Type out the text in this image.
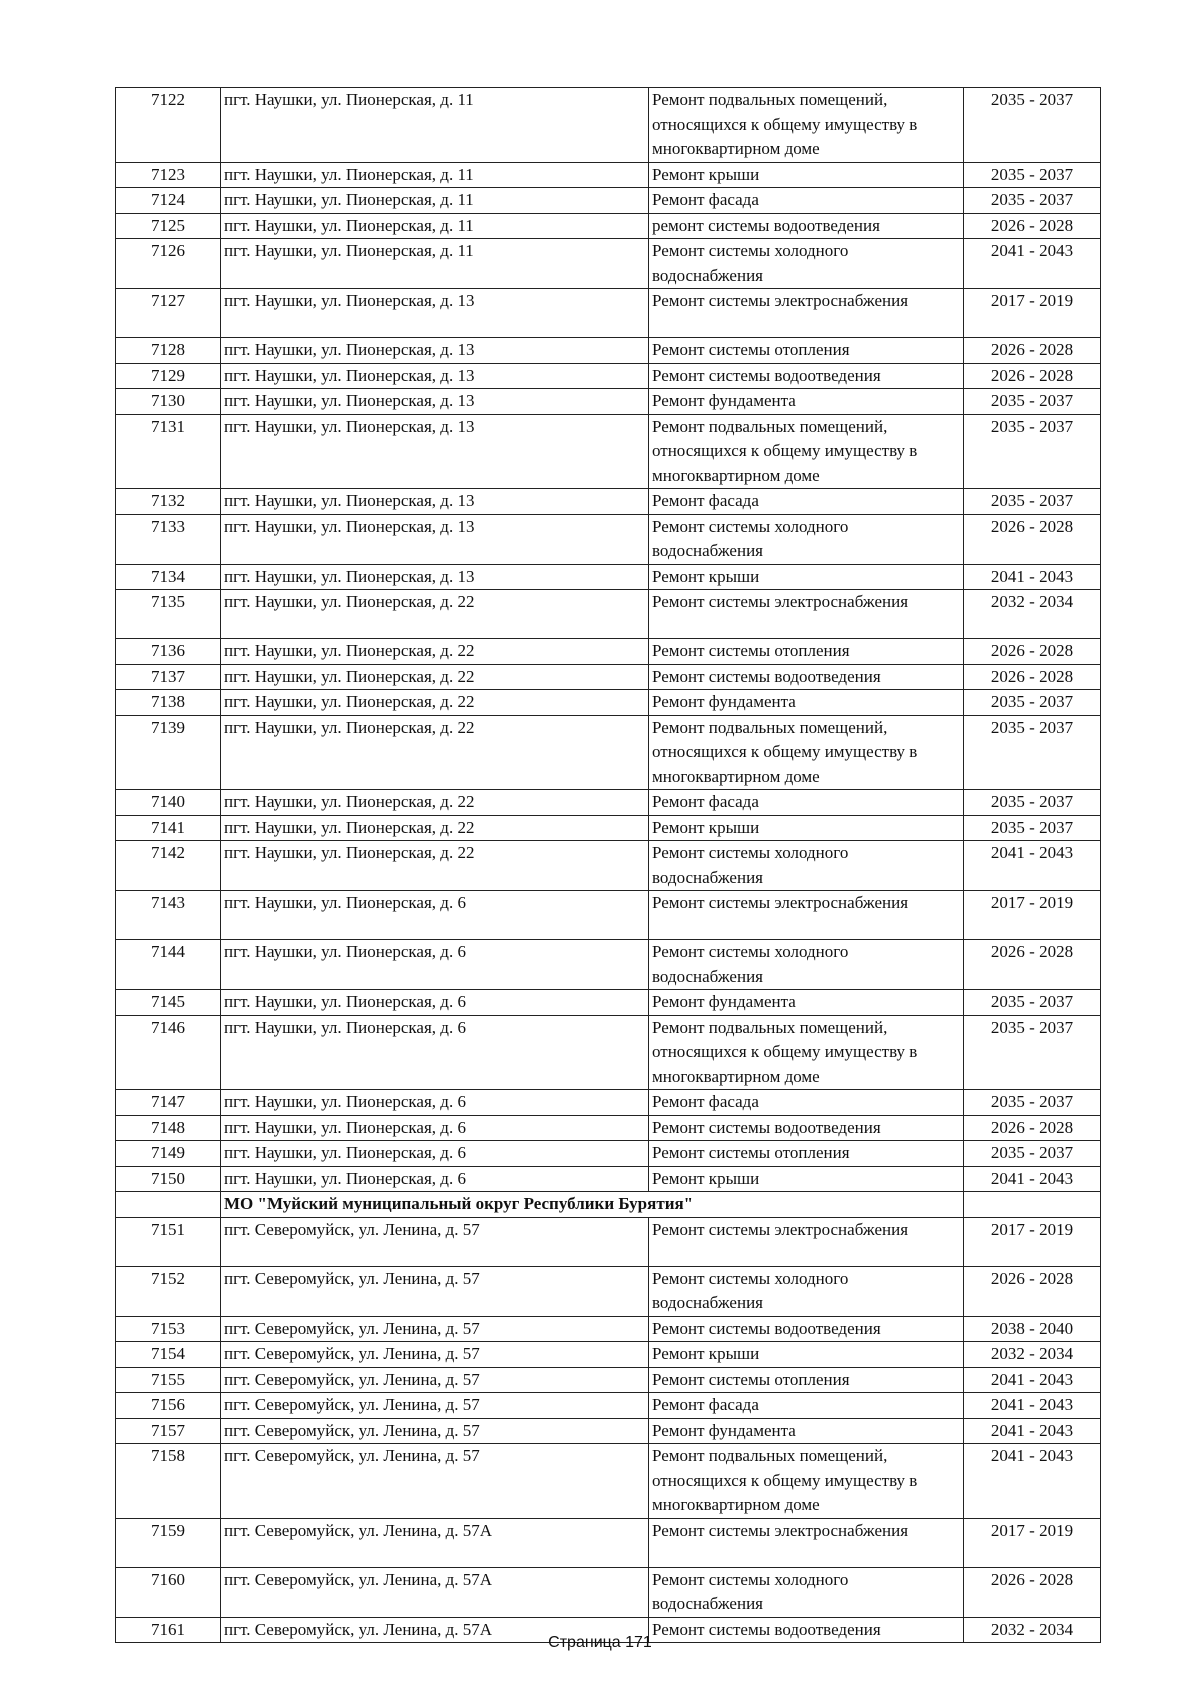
7122	пгт. Наушки, ул. Пионерская, д. 11	Ремонт подвальных помещений, относящихся к общему имуществу в многоквартирном доме	2035 - 2037
7123	пгт. Наушки, ул. Пионерская, д. 11	Ремонт крыши	2035 - 2037
7124	пгт. Наушки, ул. Пионерская, д. 11	Ремонт фасада	2035 - 2037
7125	пгт. Наушки, ул. Пионерская, д. 11	ремонт системы водоотведения	2026 - 2028
7126	пгт. Наушки, ул. Пионерская, д. 11	Ремонт системы холодного водоснабжения	2041 - 2043
7127	пгт. Наушки, ул. Пионерская, д. 13	Ремонт системы электроснабжения	2017 - 2019
7128	пгт. Наушки, ул. Пионерская, д. 13	Ремонт системы отопления	2026 - 2028
7129	пгт. Наушки, ул. Пионерская, д. 13	Ремонт системы водоотведения	2026 - 2028
7130	пгт. Наушки, ул. Пионерская, д. 13	Ремонт фундамента	2035 - 2037
7131	пгт. Наушки, ул. Пионерская, д. 13	Ремонт подвальных помещений, относящихся к общему имуществу в многоквартирном доме	2035 - 2037
7132	пгт. Наушки, ул. Пионерская, д. 13	Ремонт фасада	2035 - 2037
7133	пгт. Наушки, ул. Пионерская, д. 13	Ремонт системы холодного водоснабжения	2026 - 2028
7134	пгт. Наушки, ул. Пионерская, д. 13	Ремонт крыши	2041 - 2043
7135	пгт. Наушки, ул. Пионерская, д. 22	Ремонт системы электроснабжения	2032 - 2034
7136	пгт. Наушки, ул. Пионерская, д. 22	Ремонт системы отопления	2026 - 2028
7137	пгт. Наушки, ул. Пионерская, д. 22	Ремонт системы водоотведения	2026 - 2028
7138	пгт. Наушки, ул. Пионерская, д. 22	Ремонт фундамента	2035 - 2037
7139	пгт. Наушки, ул. Пионерская, д. 22	Ремонт подвальных помещений, относящихся к общему имуществу в многоквартирном доме	2035 - 2037
7140	пгт. Наушки, ул. Пионерская, д. 22	Ремонт фасада	2035 - 2037
7141	пгт. Наушки, ул. Пионерская, д. 22	Ремонт крыши	2035 - 2037
7142	пгт. Наушки, ул. Пионерская, д. 22	Ремонт системы холодного водоснабжения	2041 - 2043
7143	пгт. Наушки, ул. Пионерская, д. 6	Ремонт системы электроснабжения	2017 - 2019
7144	пгт. Наушки, ул. Пионерская, д. 6	Ремонт системы холодного водоснабжения	2026 - 2028
7145	пгт. Наушки, ул. Пионерская, д. 6	Ремонт фундамента	2035 - 2037
7146	пгт. Наушки, ул. Пионерская, д. 6	Ремонт подвальных помещений, относящихся к общему имуществу в многоквартирном доме	2035 - 2037
7147	пгт. Наушки, ул. Пионерская, д. 6	Ремонт фасада	2035 - 2037
7148	пгт. Наушки, ул. Пионерская, д. 6	Ремонт системы водоотведения	2026 - 2028
7149	пгт. Наушки, ул. Пионерская, д. 6	Ремонт системы отопления	2035 - 2037
7150	пгт. Наушки, ул. Пионерская, д. 6	Ремонт крыши	2041 - 2043
	МО "Муйский муниципальный округ Республики Бурятия"		
7151	пгт. Северомуйск, ул. Ленина, д. 57	Ремонт системы электроснабжения	2017 - 2019
7152	пгт. Северомуйск, ул. Ленина, д. 57	Ремонт системы холодного водоснабжения	2026 - 2028
7153	пгт. Северомуйск, ул. Ленина, д. 57	Ремонт системы водоотведения	2038 - 2040
7154	пгт. Северомуйск, ул. Ленина, д. 57	Ремонт крыши	2032 - 2034
7155	пгт. Северомуйск, ул. Ленина, д. 57	Ремонт системы отопления	2041 - 2043
7156	пгт. Северомуйск, ул. Ленина, д. 57	Ремонт фасада	2041 - 2043
7157	пгт. Северомуйск, ул. Ленина, д. 57	Ремонт фундамента	2041 - 2043
7158	пгт. Северомуйск, ул. Ленина, д. 57	Ремонт подвальных помещений, относящихся к общему имуществу в многоквартирном доме	2041 - 2043
7159	пгт. Северомуйск, ул. Ленина, д. 57А	Ремонт системы электроснабжения	2017 - 2019
7160	пгт. Северомуйск, ул. Ленина, д. 57А	Ремонт системы холодного водоснабжения	2026 - 2028
7161	пгт. Северомуйск, ул. Ленина, д. 57А	Ремонт системы водоотведения	2032 - 2034
Страница 171
